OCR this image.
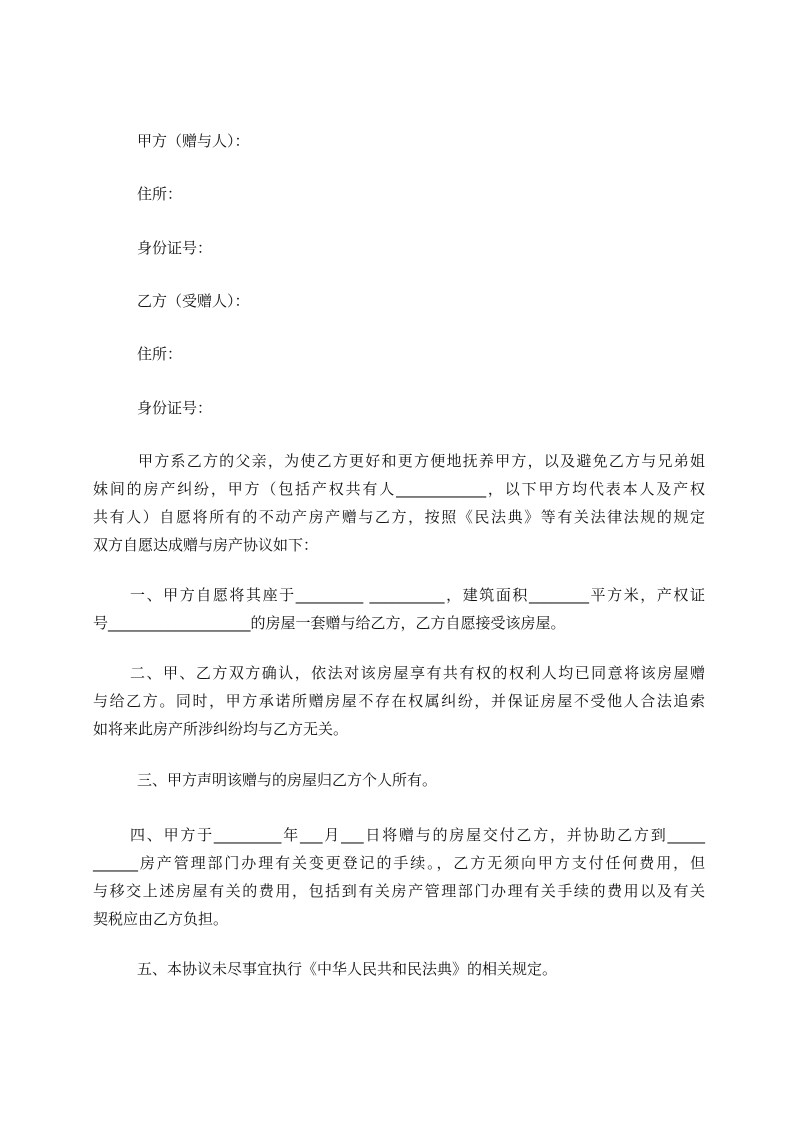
甲方（赠与人）：
住所：
身份证号：
乙方（受赠人）：
住所：
身份证号：
甲方系乙方的父亲，为使乙方更好和更方便地抚养甲方，以及避免乙方与兄弟姐
妹间的房产纠纷，甲方（包括产权共有人____________，以下甲方均代表本人及产权
共有人）自愿将所有的不动产房产赠与乙方，按照《民法典》等有关法律法规的规定
双方自愿达成赠与房产协议如下：
一、甲方自愿将其座于_________ __________，建筑面积________平方米，产权证
号___________________的房屋一套赠与给乙方，乙方自愿接受该房屋。
二、甲、乙方双方确认，依法对该房屋享有共有权的权利人均已同意将该房屋赠
与给乙方。同时，甲方承诺所赠房屋不存在权属纠纷，并保证房屋不受他人合法追索
如将来此房产所涉纠纷均与乙方无关。
三、甲方声明该赠与的房屋归乙方个人所有。
四、甲方于_________年___月___日将赠与的房屋交付乙方，并协助乙方到_____
______房产管理部门办理有关变更登记的手续。，乙方无须向甲方支付任何费用，但
与移交上述房屋有关的费用，包括到有关房产管理部门办理有关手续的费用以及有关
契税应由乙方负担。
五、本协议未尽事宜执行《中华人民共和民法典》的相关规定。
